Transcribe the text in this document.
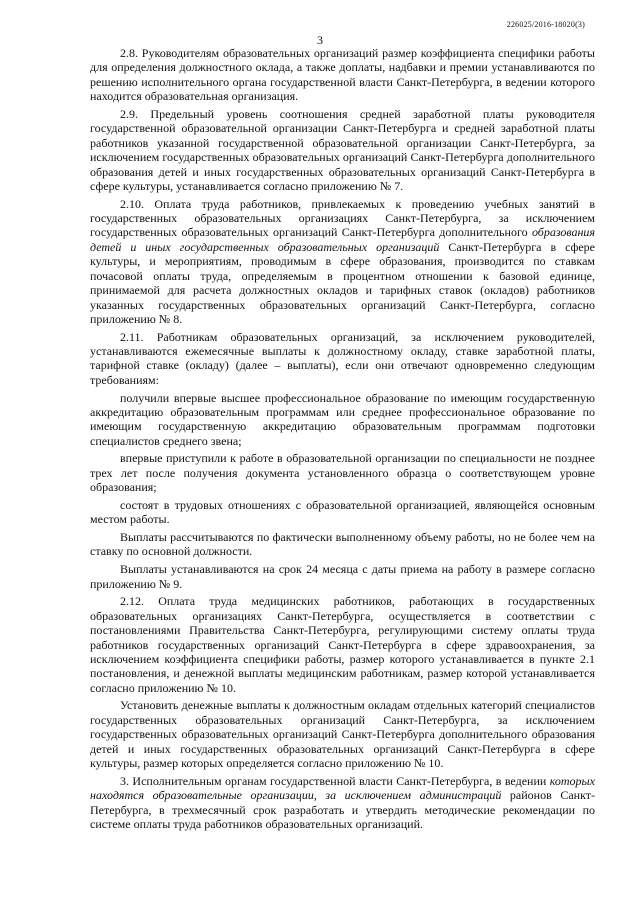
226025/2016-18020(3)
3

2.8. Руководителям образовательных организаций размер коэффициента специфики работы для определения должностного оклада, а также доплаты, надбавки и премии устанавливаются по решению исполнительного органа государственной власти Санкт-Петербурга, в ведении которого находится образовательная организация.

2.9. Предельный уровень соотношения средней заработной платы руководителя государственной образовательной организации Санкт-Петербурга и средней заработной платы работников указанной государственной образовательной организации Санкт-Петербурга, за исключением государственных образовательных организаций Санкт-Петербурга дополнительного образования детей и иных государственных образовательных организаций Санкт-Петербурга в сфере культуры, устанавливается согласно приложению № 7.

2.10. Оплата труда работников, привлекаемых к проведению учебных занятий в государственных образовательных организациях Санкт-Петербурга, за исключением государственных образовательных организаций Санкт-Петербурга дополнительного образования детей и иных государственных образовательных организаций Санкт-Петербурга в сфере культуры, и мероприятиям, проводимым в сфере образования, производится по ставкам почасовой оплаты труда, определяемым в процентном отношении к базовой единице, принимаемой для расчета должностных окладов и тарифных ставок (окладов) работников указанных государственных образовательных организаций Санкт-Петербурга, согласно приложению № 8.

2.11. Работникам образовательных организаций, за исключением руководителей, устанавливаются ежемесячные выплаты к должностному окладу, ставке заработной платы, тарифной ставке (окладу) (далее – выплаты), если они отвечают одновременно следующим требованиям:

получили впервые высшее профессиональное образование по имеющим государственную аккредитацию образовательным программам или среднее профессиональное образование по имеющим государственную аккредитацию образовательным программам подготовки специалистов среднего звена;

впервые приступили к работе в образовательной организации по специальности не позднее трех лет после получения документа установленного образца о соответствующем уровне образования;

состоят в трудовых отношениях с образовательной организацией, являющейся основным местом работы.

Выплаты рассчитываются по фактически выполненному объему работы, но не более чем на ставку по основной должности.

Выплаты устанавливаются на срок 24 месяца с даты приема на работу в размере согласно приложению № 9.

2.12. Оплата труда медицинских работников, работающих в государственных образовательных организациях Санкт-Петербурга, осуществляется в соответствии с постановлениями Правительства Санкт-Петербурга, регулирующими систему оплаты труда работников государственных организаций Санкт-Петербурга в сфере здравоохранения, за исключением коэффициента специфики работы, размер которого устанавливается в пункте 2.1 постановления, и денежной выплаты медицинским работникам, размер которой устанавливается согласно приложению № 10.

Установить денежные выплаты к должностным окладам отдельных категорий специалистов государственных образовательных организаций Санкт-Петербурга, за исключением государственных образовательных организаций Санкт-Петербурга дополнительного образования детей и иных государственных образовательных организаций Санкт-Петербурга в сфере культуры, размер которых определяется согласно приложению № 10.

3. Исполнительным органам государственной власти Санкт-Петербурга, в ведении которых находятся образовательные организации, за исключением администраций районов Санкт-Петербурга, в трехмесячный срок разработать и утвердить методические рекомендации по системе оплаты труда работников образовательных организаций.
